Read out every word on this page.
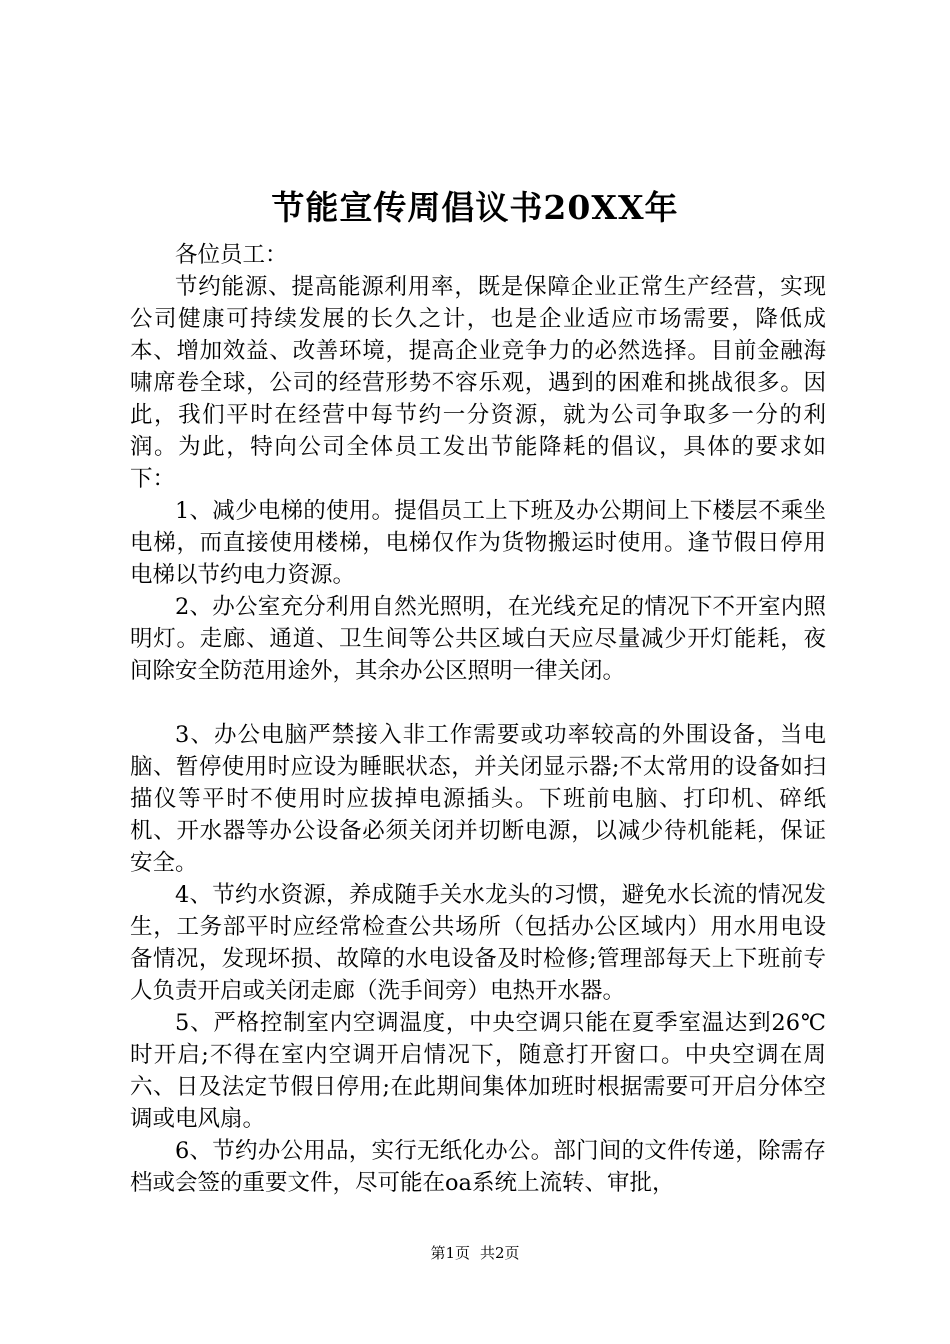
节能宣传周倡议书20XX年

各位员工：

节约能源、提高能源利用率，既是保障企业正常生产经营，实现公司健康可持续发展的长久之计，也是企业适应市场需要，降低成本、增加效益、改善环境，提高企业竞争力的必然选择。目前金融海啸席卷全球，公司的经营形势不容乐观，遇到的困难和挑战很多。因此，我们平时在经营中每节约一分资源，就为公司争取多一分的利润。为此，特向公司全体员工发出节能降耗的倡议，具体的要求如下：

1、减少电梯的使用。提倡员工上下班及办公期间上下楼层不乘坐电梯，而直接使用楼梯，电梯仅作为货物搬运时使用。逢节假日停用电梯以节约电力资源。

2、办公室充分利用自然光照明，在光线充足的情况下不开室内照明灯。走廊、通道、卫生间等公共区域白天应尽量减少开灯能耗，夜间除安全防范用途外，其余办公区照明一律关闭。

3、办公电脑严禁接入非工作需要或功率较高的外围设备，当电脑、暂停使用时应设为睡眠状态，并关闭显示器;不太常用的设备如扫描仪等平时不使用时应拔掉电源插头。下班前电脑、打印机、碎纸机、开水器等办公设备必须关闭并切断电源，以减少待机能耗，保证安全。

4、节约水资源，养成随手关水龙头的习惯，避免水长流的情况发生，工务部平时应经常检查公共场所（包括办公区域内）用水用电设备情况，发现坏损、故障的水电设备及时检修;管理部每天上下班前专人负责开启或关闭走廊（洗手间旁）电热开水器。

5、严格控制室内空调温度，中央空调只能在夏季室温达到26℃时开启;不得在室内空调开启情况下，随意打开窗口。中央空调在周六、日及法定节假日停用;在此期间集体加班时根据需要可开启分体空调或电风扇。

6、节约办公用品，实行无纸化办公。部门间的文件传递，除需存档或会签的重要文件，尽可能在oa系统上流转、审批，

第1页 共2页
